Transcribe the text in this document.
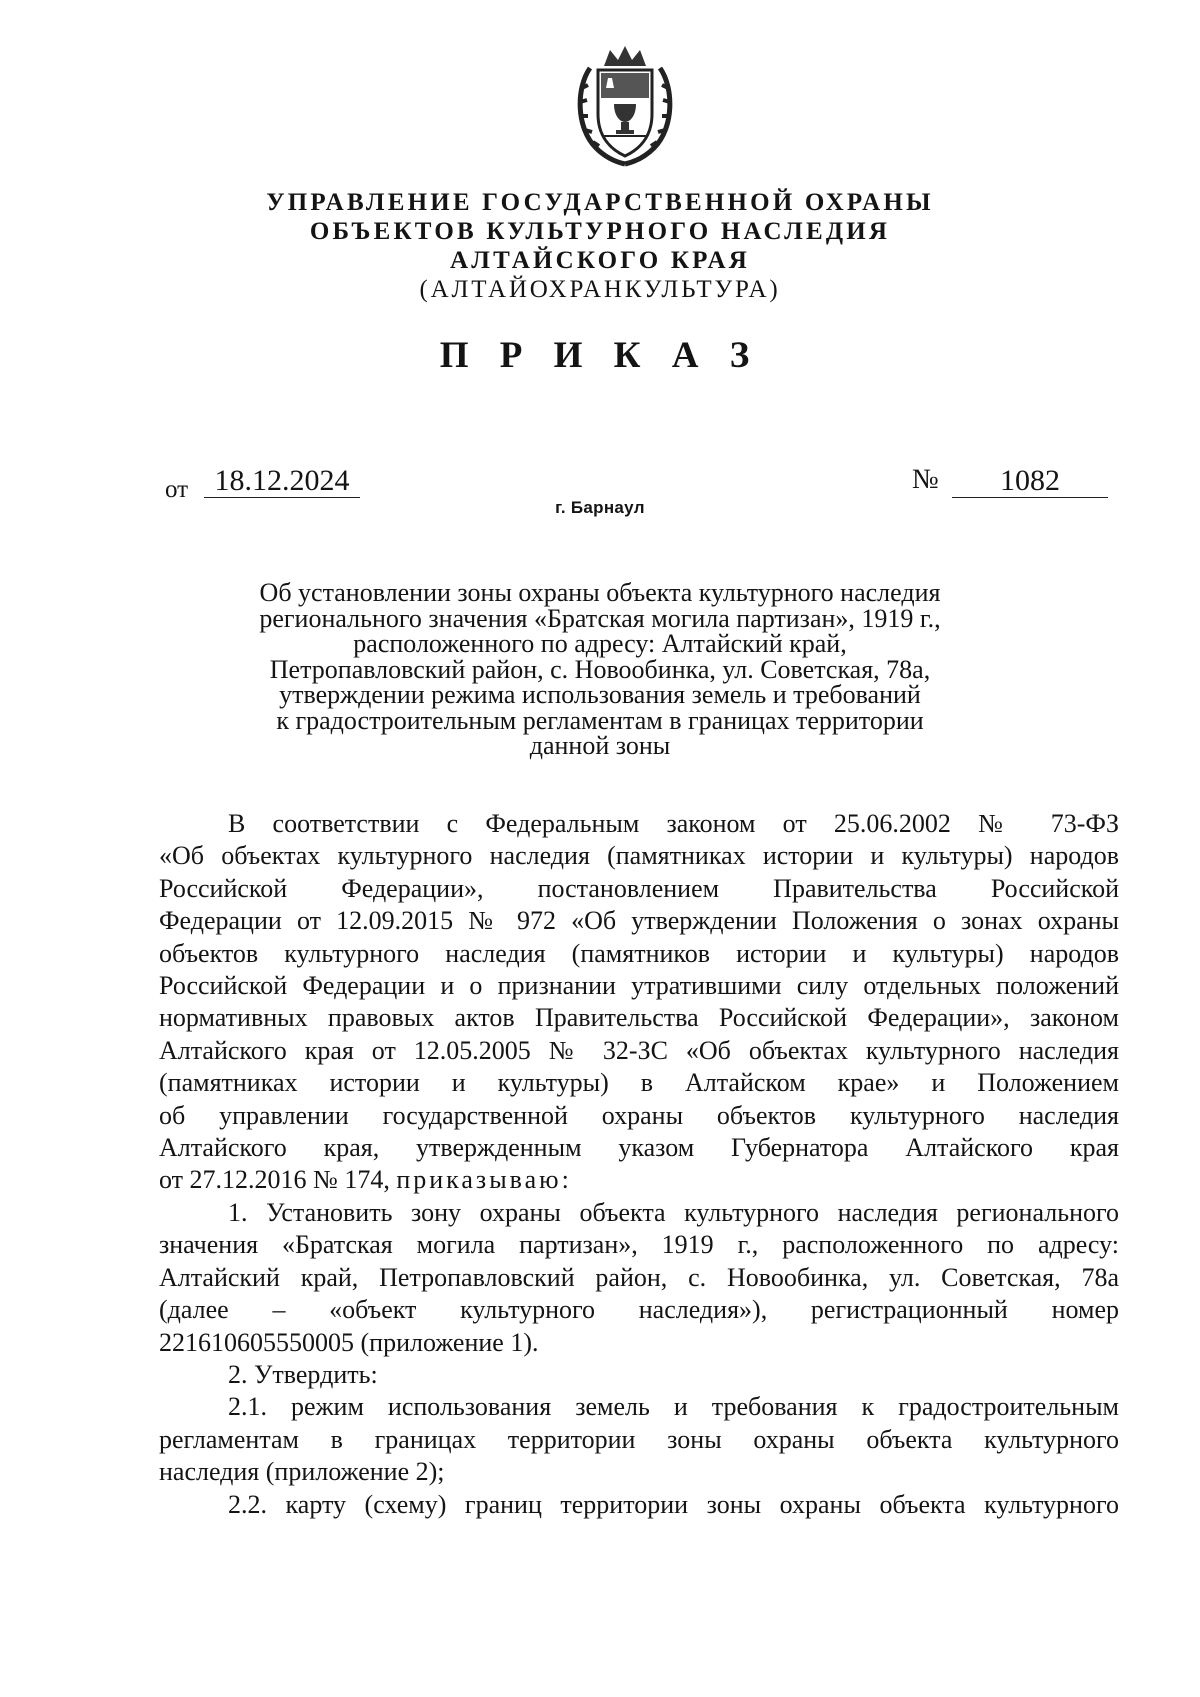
УПРАВЛЕНИЕ ГОСУДАРСТВЕННОЙ ОХРАНЫ
ОБЪЕКТОВ КУЛЬТУРНОГО НАСЛЕДИЯ
АЛТАЙСКОГО КРАЯ
(АЛТАЙОХРАНКУЛЬТУРА)
П Р И К А З
от 18.12.2024	№	1082
г. Барнаул
Об установлении зоны охраны объекта культурного наследия
регионального значения «Братская могила партизан», 1919 г.,
расположенного по адресу: Алтайский край,
Петропавловский район, с. Новообинка, ул. Советская, 78а,
утверждении режима использования земель и требований
к градостроительным регламентам в границах территории
данной зоны
В соответствии с Федеральным законом от 25.06.2002 № 73-ФЗ
«Об объектах культурного наследия (памятниках истории и культуры) народов
Российской Федерации», постановлением Правительства Российской
Федерации от 12.09.2015 № 972 «Об утверждении Положения о зонах охраны
объектов культурного наследия (памятников истории и культуры) народов
Российской Федерации и о признании утратившими силу отдельных положений
нормативных правовых актов Правительства Российской Федерации», законом
Алтайского края от 12.05.2005 № 32-ЗС «Об объектах культурного наследия
(памятниках истории и культуры) в Алтайском крае» и Положением
об управлении государственной охраны объектов культурного наследия
Алтайского края, утвержденным указом Губернатора Алтайского края
от 27.12.2016 № 174, приказываю:
1. Установить зону охраны объекта культурного наследия регионального
значения «Братская могила партизан», 1919 г., расположенного по адресу:
Алтайский край, Петропавловский район, с. Новообинка, ул. Советская, 78а
(далее – «объект культурного наследия»), регистрационный номер
221610605550005 (приложение 1).
2. Утвердить:
2.1. режим использования земель и требования к градостроительным
регламентам в границах территории зоны охраны объекта культурного
наследия (приложение 2);
2.2. карту (схему) границ территории зоны охраны объекта культурного
